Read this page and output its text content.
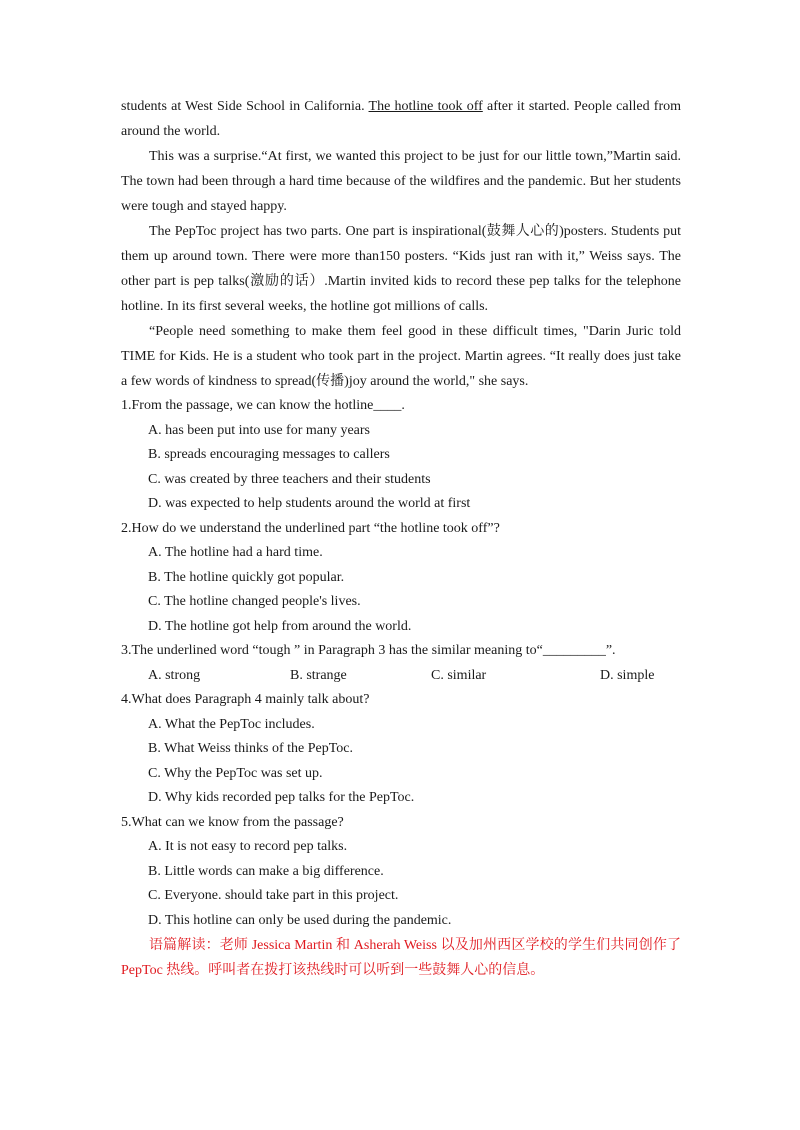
students at West Side School in California. The hotline took off after it started. People called from around the world.

This was a surprise.“At first, we wanted this project to be just for our little town,”Martin said. The town had been through a hard time because of the wildfires and the pandemic. But her students were tough and stayed happy.

The PepToc project has two parts. One part is inspirational(鼓舞人心的)posters. Students put them up around town. There were more than150 posters. “Kids just ran with it,” Weiss says. The other part is pep talks(激励的话）.Martin invited kids to record these pep talks for the telephone hotline. In its first several weeks, the hotline got millions of calls.

“People need something to make them feel good in these difficult times, "Darin Juric told TIME for Kids. He is a student who took part in the project. Martin agrees. “It really does just take a few words of kindness to spread(传播)joy around the world," she says.

1.From the passage, we can know the hotline____.

A. has been put into use for many years

B. spreads encouraging messages to callers

C. was created by three teachers and their students

D. was expected to help students around the world at first

2.How do we understand the underlined part “the hotline took off”?

A. The hotline had a hard time.

B. The hotline quickly got popular.

C. The hotline changed people's lives.

D. The hotline got help from around the world.

3.The underlined word “tough ” in Paragraph 3 has the similar meaning to“_________”.

A. strong	B. strange	C. similar	D. simple

4.What does Paragraph 4 mainly talk about?

A. What the PepToc includes.

B. What Weiss thinks of the PepToc.

C. Why the PepToc was set up.

D. Why kids recorded pep talks for the PepToc.

5.What can we know from the passage?

A. It is not easy to record pep talks.

B. Little words can make a big difference.

C. Everyone. should take part in this project.

D. This hotline can only be used during the pandemic.

语篇解读：老师 Jessica Martin 和 Asherah Weiss 以及加州西区学校的学生们共同创作了 PepToc 热线。呼叫者在拨打该热线时可以听到一些鼓舞人心的信息。
